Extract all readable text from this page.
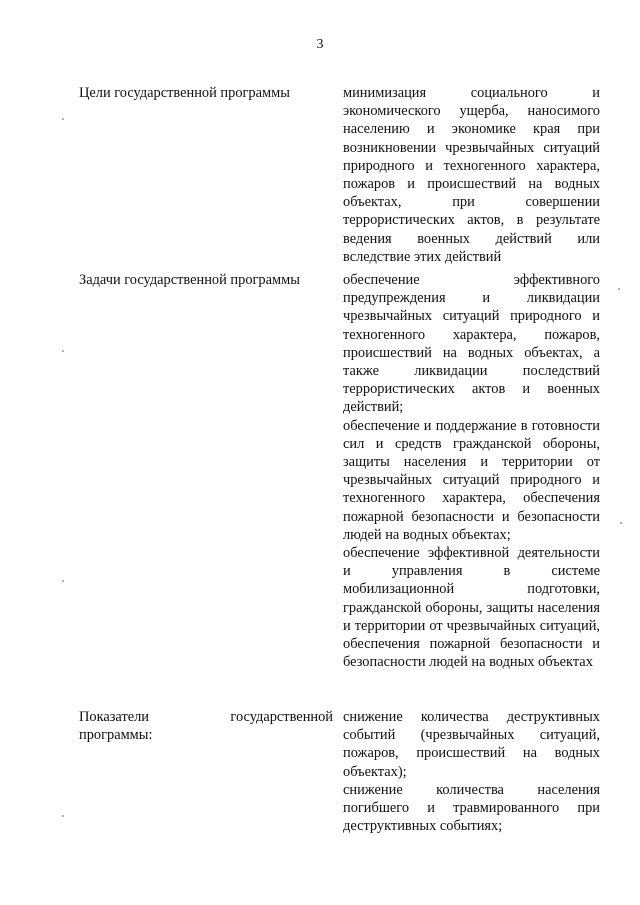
3
Цели государственной программы	минимизация социального и экономического ущерба, наносимого населению и экономике края при возникновении чрезвычайных ситуаций природного и техногенного характера, пожаров и происшествий на водных объектах, при совершении террористических актов, в результате ведения военных действий или вследствие этих действий

Задачи государственной программы	обеспечение эффективного предупреждения и ликвидации чрезвычайных ситуаций природного и техногенного характера, пожаров, происшествий на водных объектах, а также ликвидации последствий террористических актов и военных действий;

обеспечение и поддержание в готовности сил и средств гражданской обороны, защиты населения и территории от чрезвычайных ситуаций природного и техногенного характера, обеспечения пожарной безопасности и безопасности людей на водных объектах;

обеспечение эффективной деятельности и управления в системе мобилизационной подготовки, гражданской обороны, защиты населения и территории от чрезвычайных ситуаций, обеспечения пожарной безопасности и безопасности людей на водных объектах

Показатели государственной
программы:

снижение количества деструктивных событий (чрезвычайных ситуаций, пожаров, происшествий на водных объектах);

снижение количества населения погибшего и травмированного при деструктивных событиях;
